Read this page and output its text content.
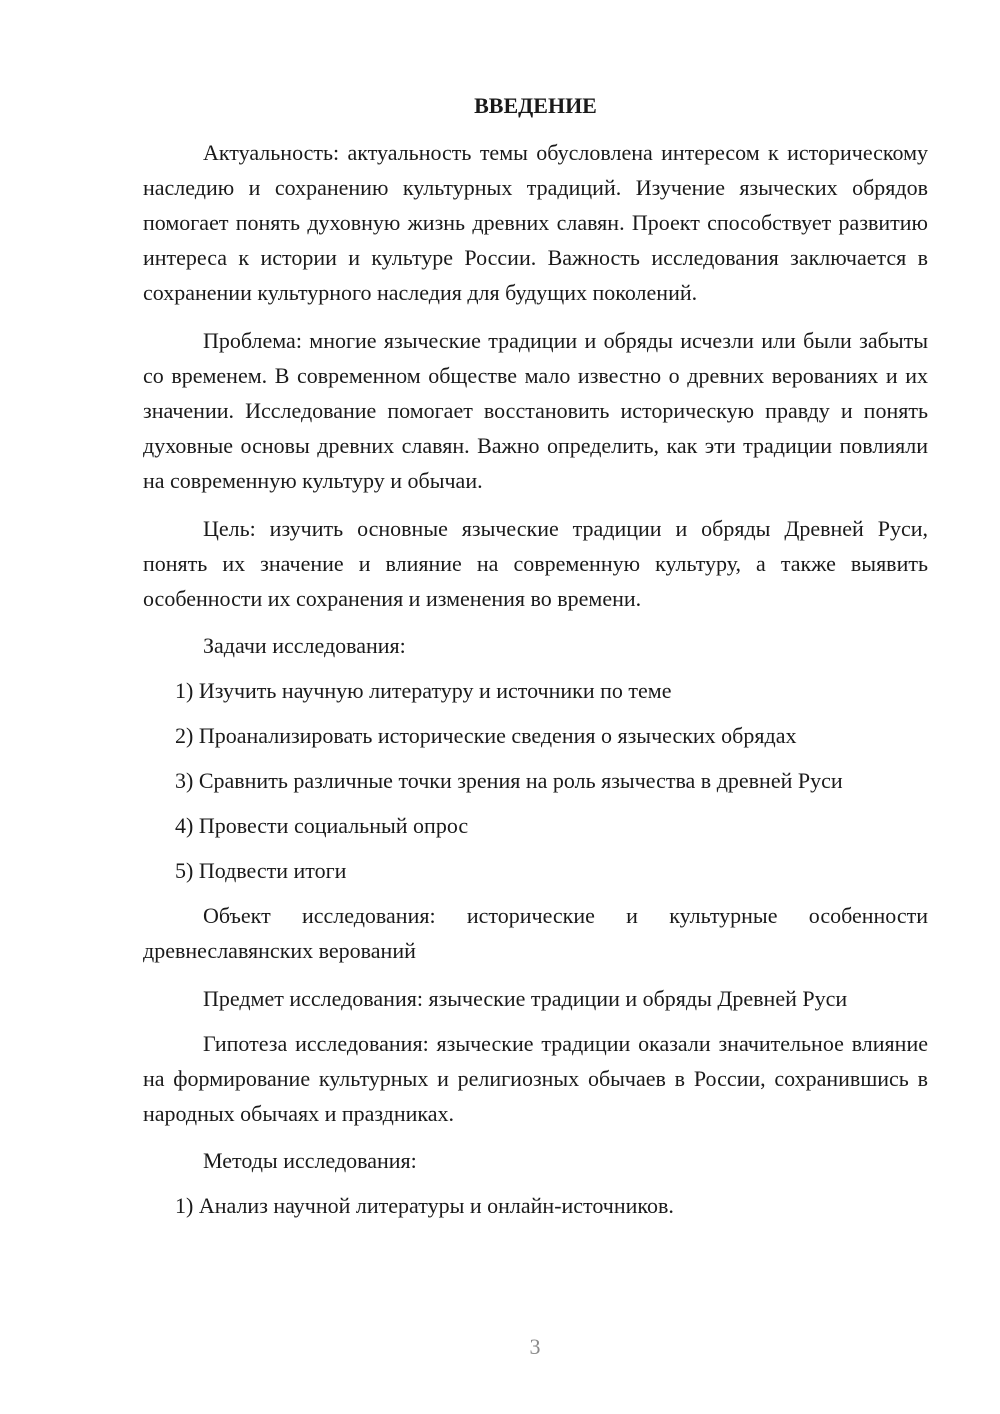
ВВЕДЕНИЕ

Актуальность: актуальность темы обусловлена интересом к историческому наследию и сохранению культурных традиций. Изучение языческих обрядов помогает понять духовную жизнь древних славян. Проект способствует развитию интереса к истории и культуре России. Важность исследования заключается в сохранении культурного наследия для будущих поколений.

Проблема: многие языческие традиции и обряды исчезли или были забыты со временем. В современном обществе мало известно о древних верованиях и их значении. Исследование помогает восстановить историческую правду и понять духовные основы древних славян. Важно определить, как эти традиции повлияли на современную культуру и обычаи.

Цель: изучить основные языческие традиции и обряды Древней Руси, понять их значение и влияние на современную культуру, а также выявить особенности их сохранения и изменения во времени.

Задачи исследования:
1) Изучить научную литературу и источники по теме
2) Проанализировать исторические сведения о языческих обрядах
3) Сравнить различные точки зрения на роль язычества в древней Руси
4) Провести социальный опрос
5) Подвести итоги

Объект исследования: исторические и культурные особенности древнеславянских верований

Предмет исследования: языческие традиции и обряды Древней Руси

Гипотеза исследования: языческие традиции оказали значительное влияние на формирование культурных и религиозных обычаев в России, сохранившись в народных обычаях и праздниках.

Методы исследования:
1) Анализ научной литературы и онлайн-источников.
3
